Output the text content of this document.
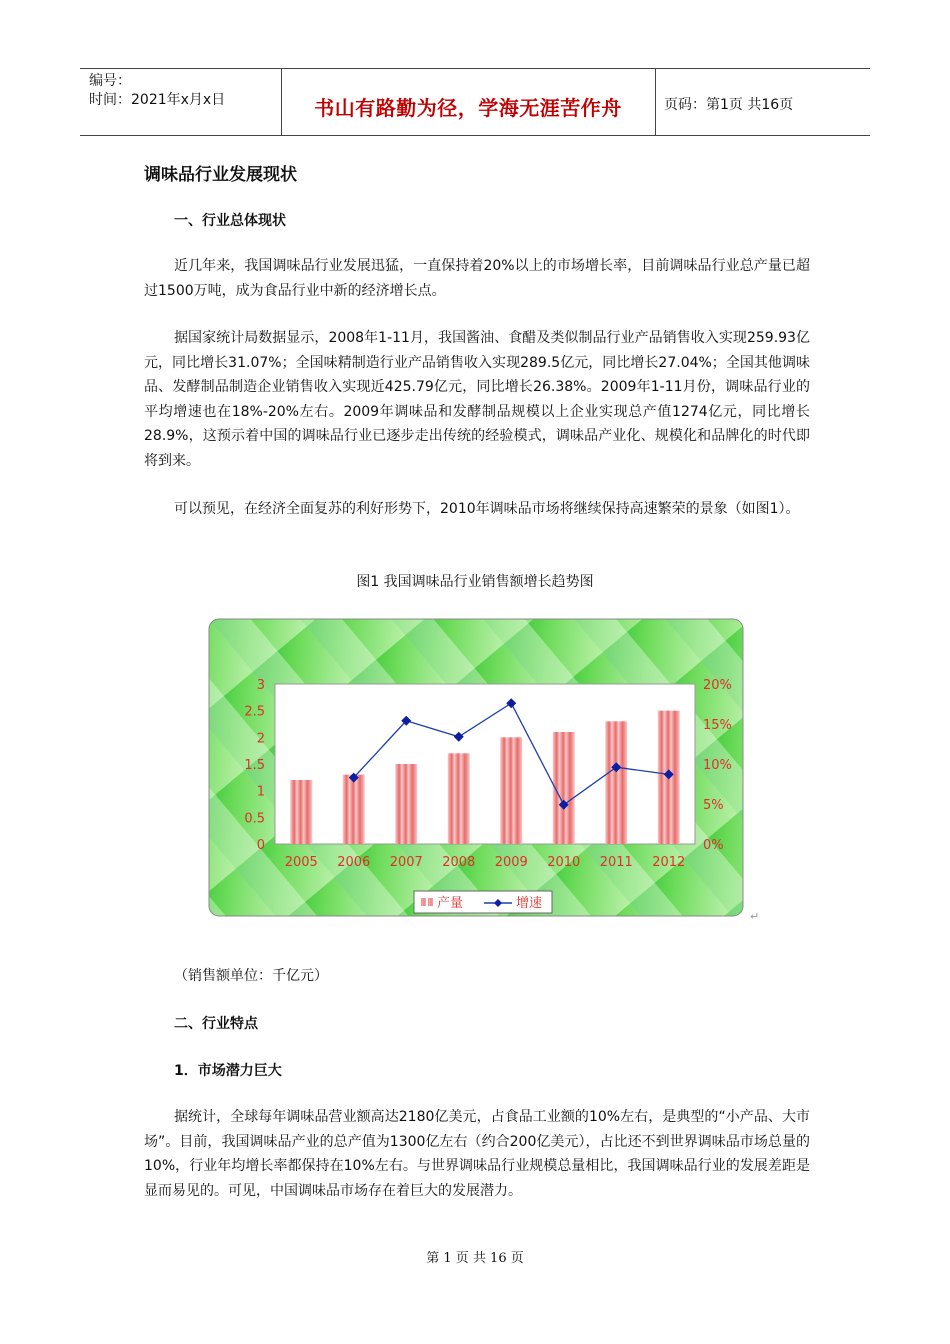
编号：
时间：2021年x月x日	书山有路勤为径，学海无涯苦作舟	页码：第1页 共16页
调味品行业发展现状
一、行业总体现状

近几年来，我国调味品行业发展迅猛，一直保持着20%以上的市场增长率，目前调味品行业总产量已超过1500万吨，成为食品行业中新的经济增长点。

据国家统计局数据显示，2008年1-11月，我国酱油、食醋及类似制品行业产品销售收入实现259.93亿元，同比增长31.07%；全国味精制造行业产品销售收入实现289.5亿元，同比增长27.04%；全国其他调味品、发酵制品制造企业销售收入实现近425.79亿元，同比增长26.38%。2009年1-11月份，调味品行业的平均增速也在18%-20%左右。2009年调味品和发酵制品规模以上企业实现总产值1274亿元，同比增长28.9%，这预示着中国的调味品行业已逐步走出传统的经验模式，调味品产业化、规模化和品牌化的时代即将到来。

可以预见，在经济全面复苏的利好形势下，2010年调味品市场将继续保持高速繁荣的景象（如图1）。

图1 我国调味品行业销售额增长趋势图
2005 2006 2007 2008 2009 2010 2011 2012
0
0.5
1
1.5
2
2.5
3
0%
5%
10%
15%
20%
产量	增速
↵
（销售额单位：千亿元）
二、行业特点
1．市场潜力巨大

据统计，全球每年调味品营业额高达2180亿美元，占食品工业额的10%左右，是典型的“小产品、大市场”。目前，我国调味品产业的总产值为1300亿左右（约合200亿美元），占比还不到世界调味品市场总量的10%，行业年均增长率都保持在10%左右。与世界调味品行业规模总量相比，我国调味品行业的发展差距是显而易见的。可见，中国调味品市场存在着巨大的发展潜力。

第 1 页 共 16 页
